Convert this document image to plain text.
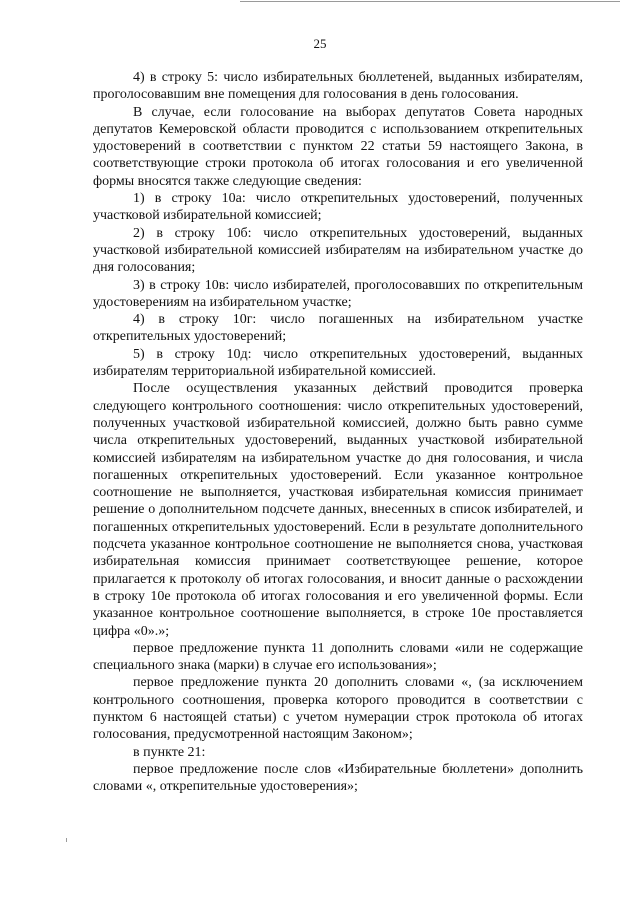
25

4) в строку 5: число избирательных бюллетеней, выданных избирателям, проголосовавшим вне помещения для голосования в день голосования.

В случае, если голосование на выборах депутатов Совета народных депутатов Кемеровской области проводится с использованием открепительных удостоверений в соответствии с пунктом 22 статьи 59 настоящего Закона, в соответствующие строки протокола об итогах голосования и его увеличенной формы вносятся также следующие сведения:

1) в строку 10а: число открепительных удостоверений, полученных участковой избирательной комиссией;

2) в строку 10б: число открепительных удостоверений, выданных участковой избирательной комиссией избирателям на избирательном участке до дня голосования;

3) в строку 10в: число избирателей, проголосовавших по открепительным удостоверениям на избирательном участке;

4) в строку 10г: число погашенных на избирательном участке открепительных удостоверений;

5) в строку 10д: число открепительных удостоверений, выданных избирателям территориальной избирательной комиссией.

После осуществления указанных действий проводится проверка следующего контрольного соотношения: число открепительных удостоверений, полученных участковой избирательной комиссией, должно быть равно сумме числа открепительных удостоверений, выданных участковой избирательной комиссией избирателям на избирательном участке до дня голосования, и числа погашенных открепительных удостоверений. Если указанное контрольное соотношение не выполняется, участковая избирательная комиссия принимает решение о дополнительном подсчете данных, внесенных в список избирателей, и погашенных открепительных удостоверений. Если в результате дополнительного подсчета указанное контрольное соотношение не выполняется снова, участковая избирательная комиссия принимает соответствующее решение, которое прилагается к протоколу об итогах голосования, и вносит данные о расхождении в строку 10е протокола об итогах голосования и его увеличенной формы. Если указанное контрольное соотношение выполняется, в строке 10е проставляется цифра «0».»;

первое предложение пункта 11 дополнить словами «или не содержащие специального знака (марки) в случае его использования»;

первое предложение пункта 20 дополнить словами «, (за исключением контрольного соотношения, проверка которого проводится в соответствии с пунктом 6 настоящей статьи) с учетом нумерации строк протокола об итогах голосования, предусмотренной настоящим Законом»;

в пункте 21:

первое предложение после слов «Избирательные бюллетени» дополнить словами «, открепительные удостоверения»;
